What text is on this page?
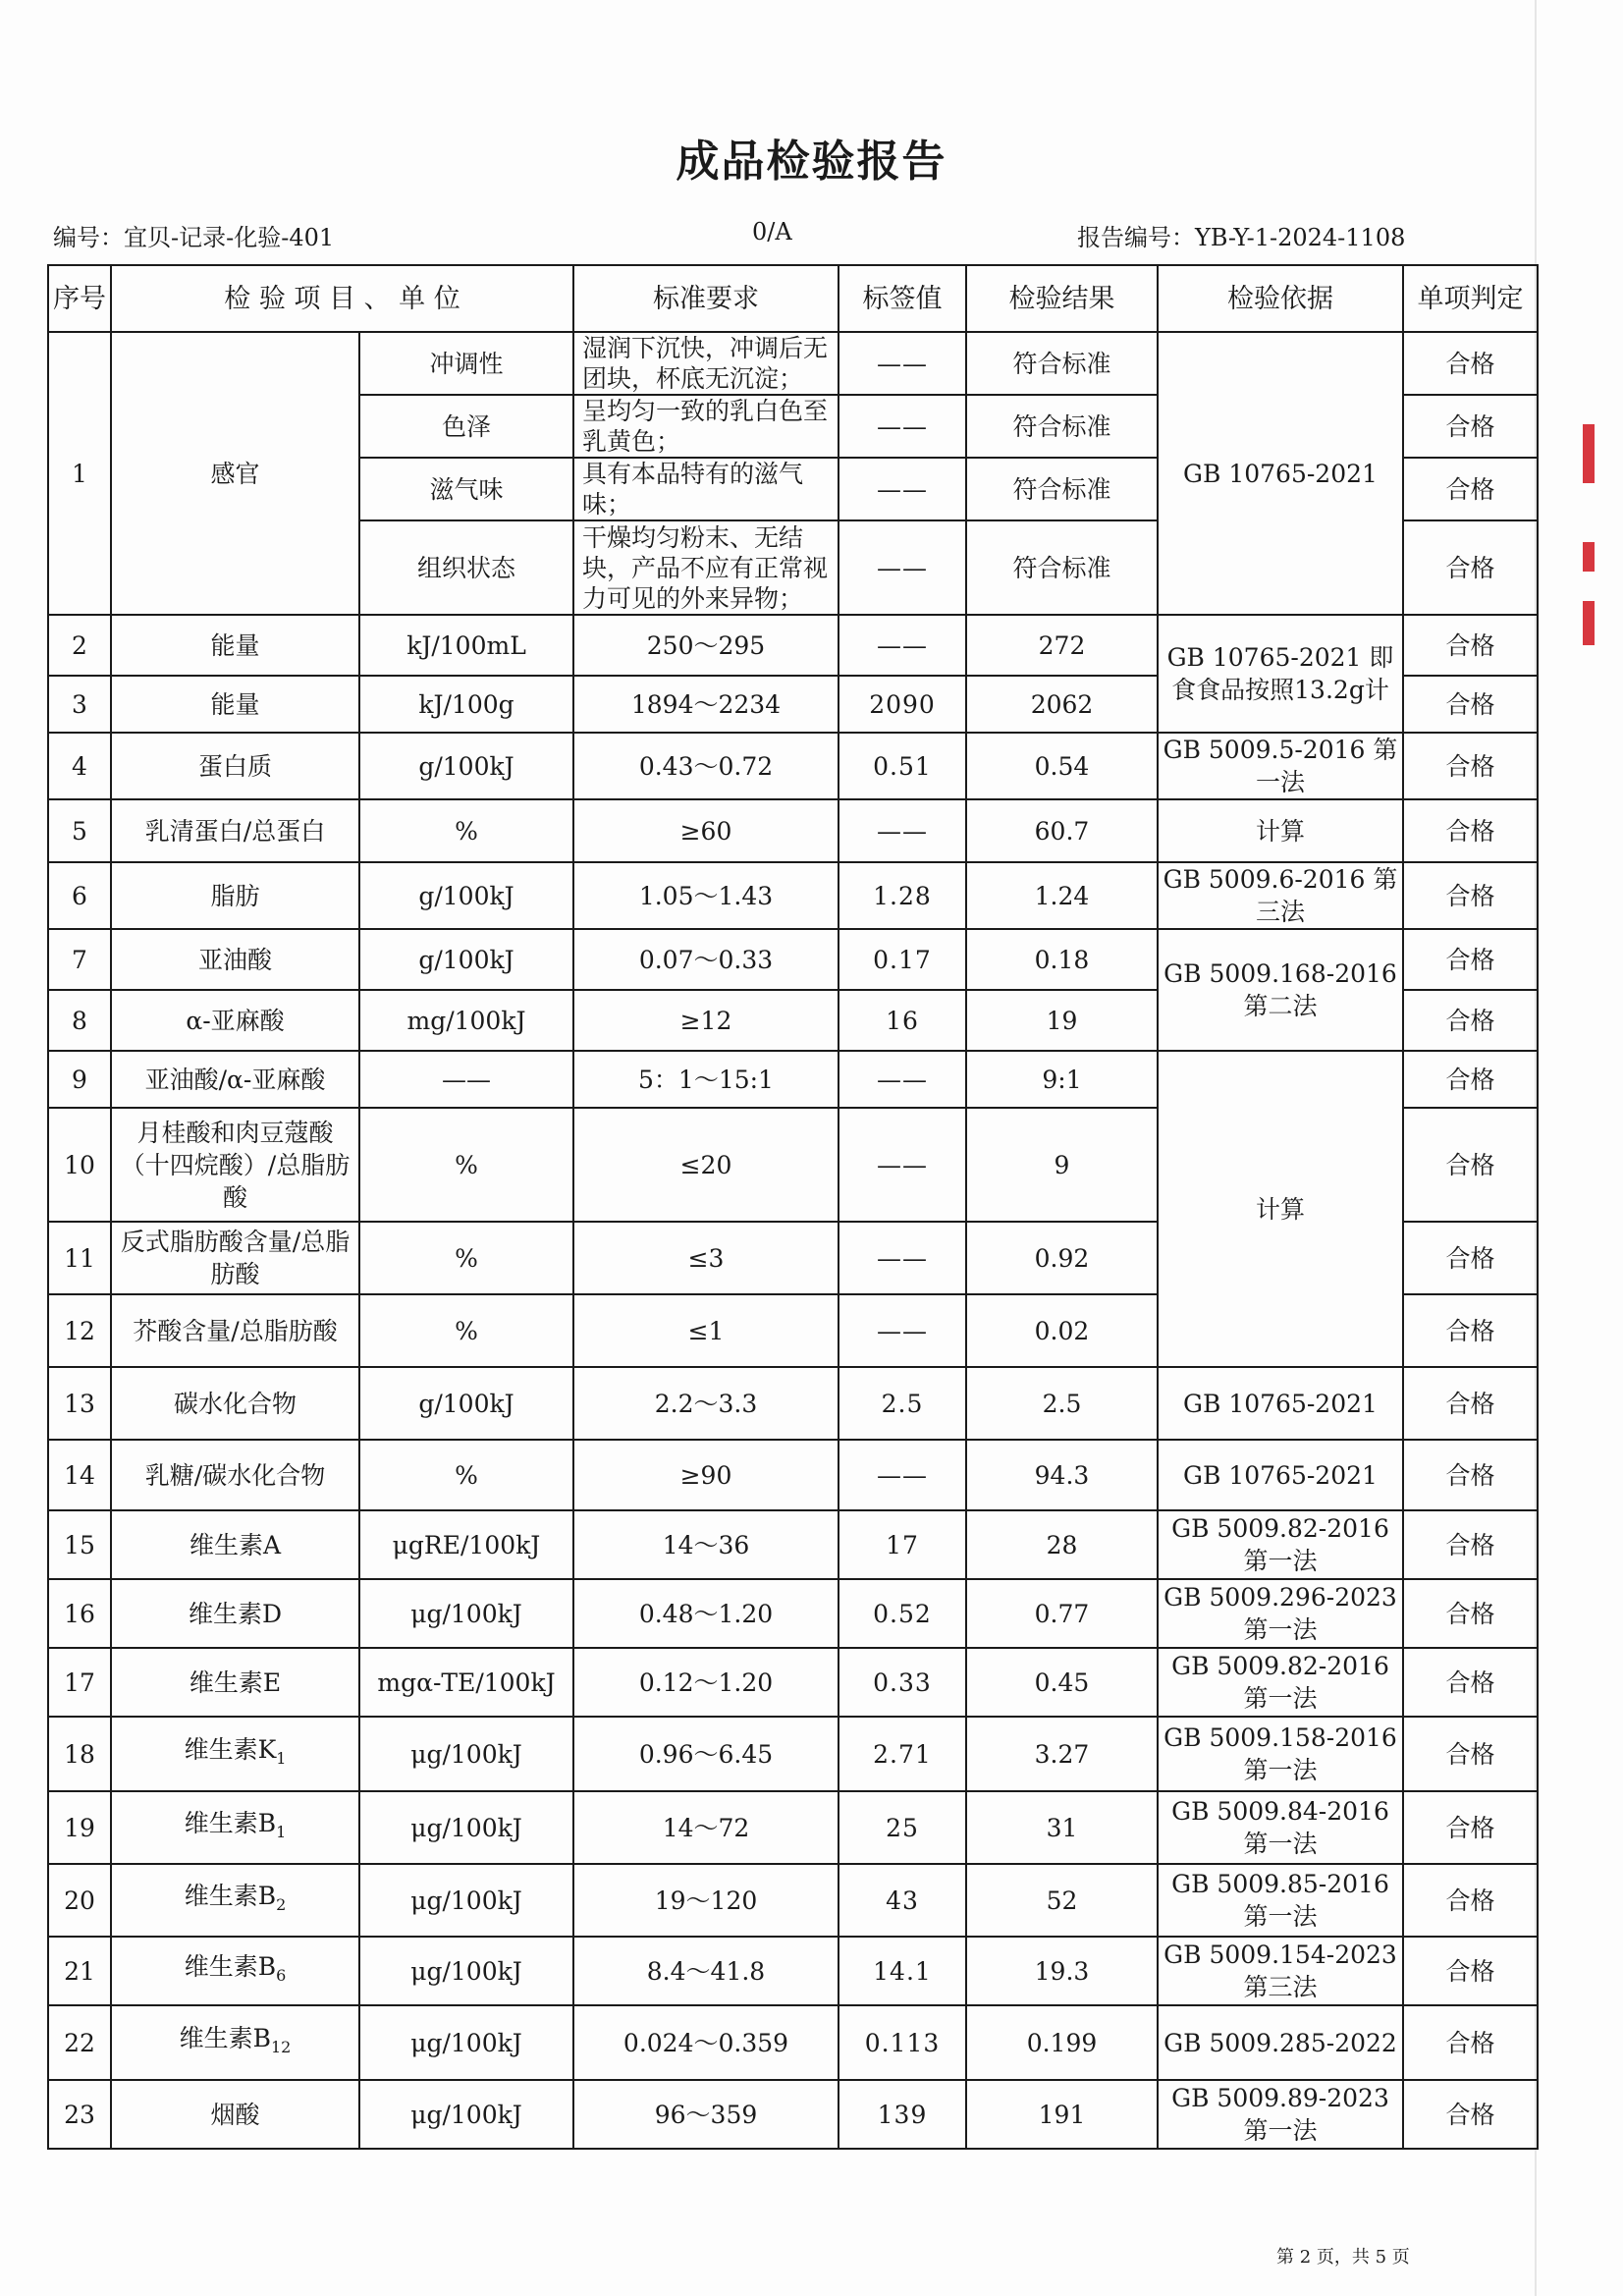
成品检验报告
编号：宜贝-记录-化验-401	0/A	报告编号：YB-Y-1-2024-1108
序号	检 验 项 目 、 单 位		标准要求	标签值	检验结果	检验依据	单项判定
1	感官	冲调性	湿润下沉快，冲调后无团块，杯底无沉淀；	——	符合标准	GB 10765-2021	合格
		色泽	呈均匀一致的乳白色至乳黄色；	——	符合标准		合格
		滋气味	具有本品特有的滋气味；	——	符合标准		合格
		组织状态	干燥均匀粉末、无结块，产品不应有正常视力可见的外来异物；	——	符合标准		合格
2	能量	kJ/100mL	250～295	——	272	GB 10765-2021 即食食品按照13.2g计	合格
3	能量	kJ/100g	1894～2234	2090	2062		合格
4	蛋白质	g/100kJ	0.43～0.72	0.51	0.54	GB 5009.5-2016 第一法	合格
5	乳清蛋白/总蛋白	%	≥60	——	60.7	计算	合格
6	脂肪	g/100kJ	1.05～1.43	1.28	1.24	GB 5009.6-2016 第三法	合格
7	亚油酸	g/100kJ	0.07～0.33	0.17	0.18	GB 5009.168-2016 第二法	合格
8	α-亚麻酸	mg/100kJ	≥12	16	19		合格
9	亚油酸/α-亚麻酸	——	5：1～15:1	——	9:1	计算	合格
10	月桂酸和肉豆蔻酸（十四烷酸）/总脂肪酸	%	≤20	——	9		合格
11	反式脂肪酸含量/总脂肪酸	%	≤3	——	0.92		合格
12	芥酸含量/总脂肪酸	%	≤1	——	0.02		合格
13	碳水化合物	g/100kJ	2.2～3.3	2.5	2.5	GB 10765-2021	合格
14	乳糖/碳水化合物	%	≥90	——	94.3	GB 10765-2021	合格
15	维生素A	μgRE/100kJ	14～36	17	28	GB 5009.82-2016 第一法	合格
16	维生素D	μg/100kJ	0.48～1.20	0.52	0.77	GB 5009.296-2023 第一法	合格
17	维生素E	mgα-TE/100kJ	0.12～1.20	0.33	0.45	GB 5009.82-2016 第一法	合格
18	维生素$K_1$	μg/100kJ	0.96～6.45	2.71	3.27	GB 5009.158-2016 第一法	合格
19	维生素$B_1$	μg/100kJ	14～72	25	31	GB 5009.84-2016 第一法	合格
20	维生素$B_2$	μg/100kJ	19～120	43	52	GB 5009.85-2016 第一法	合格
21	维生素$B_6$	μg/100kJ	8.4～41.8	14.1	19.3	GB 5009.154-2023 第三法	合格
22	维生素$B_{12}$	μg/100kJ	0.024～0.359	0.113	0.199	GB 5009.285-2022	合格
23	烟酸	μg/100kJ	96～359	139	191	GB 5009.89-2023 第一法	合格
第 2 页，共 5 页
